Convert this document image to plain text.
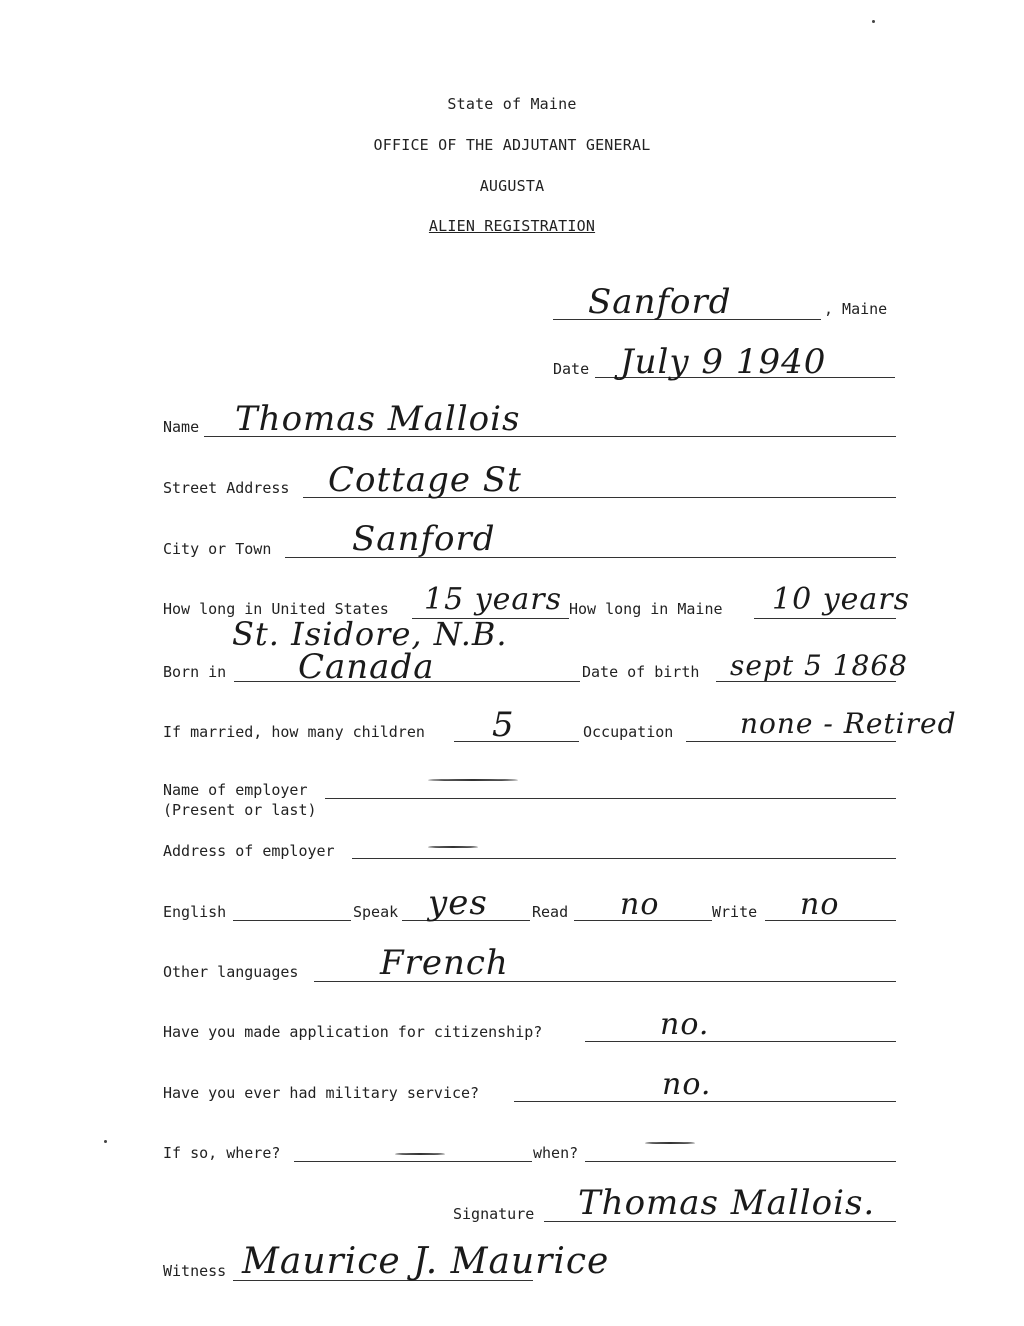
State of Maine
OFFICE OF THE ADJUTANT GENERAL
AUGUSTA
ALIEN REGISTRATION
Sanford	, Maine
Date July 9 1940
Name Thomas Mallois
Street Address Cottage St
City or Town Sanford
How long in United States 15 years How long in Maine 10 years
St. Isidore, N.B.
Born in Canada	Date of birth sept 5 1868
If married, how many children 5	Occupation none - Retired
Name of employer
(Present or last)
Address of employer
English	Speak yes	Read no	Write no
Other languages French
Have you made application for citizenship?	no.
Have you ever had military service?	no.
If so, where?	when?
Signature Thomas Mallois.
Witness Maurice J. Maurice
